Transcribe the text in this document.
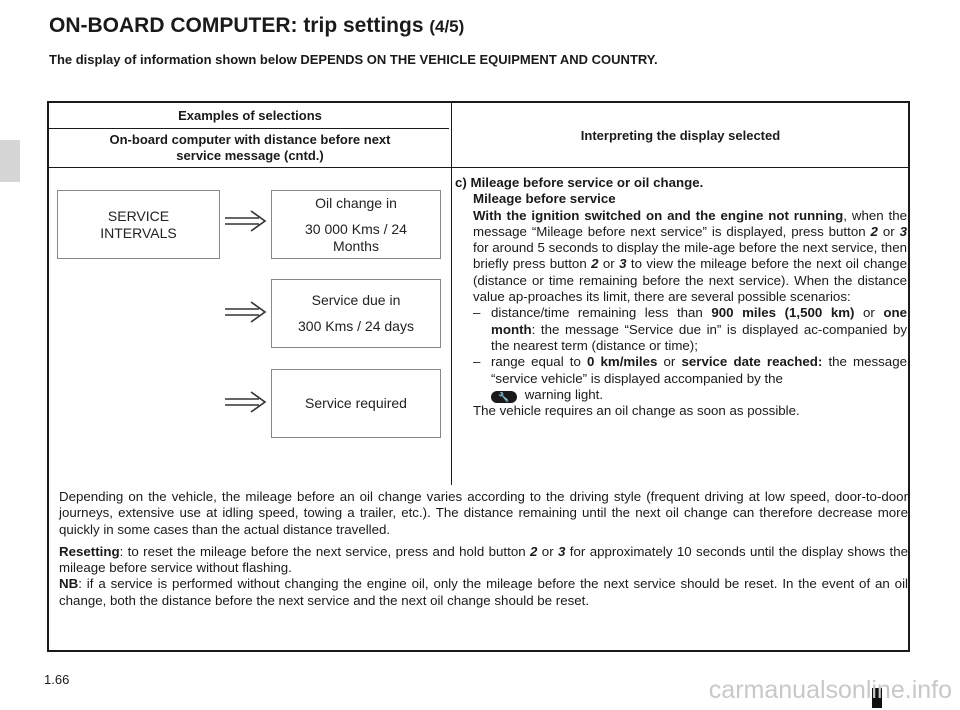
ON-BOARD COMPUTER: trip settings (4/5)
The display of information shown below DEPENDS ON THE VEHICLE EQUIPMENT AND COUNTRY.
Examples of selections
On-board computer with distance before next service message (cntd.)
Interpreting the display selected

SERVICE INTERVALS

Oil change in

30 000 Kms / 24 Months

Service due in

300 Kms / 24 days

Service required

c) Mileage before service or oil change.
Mileage before service
With the ignition switched on and the engine not running, when the message “Mileage before next service” is displayed, press button 2 or 3 for around 5 seconds to display the mile-age before the next service, then briefly press button 2 or 3 to view the mileage before the next oil change (distance or time remaining before the next service). When the distance value ap-proaches its limit, there are several possible scenarios:
– distance/time remaining less than 900 miles (1,500 km) or one month: the message “Service due in” is displayed ac-companied by the nearest term (distance or time);
– range equal to 0 km/miles or service date reached: the message “service vehicle” is displayed accompanied by the
🔧 warning light.
The vehicle requires an oil change as soon as possible.

Depending on the vehicle, the mileage before an oil change varies according to the driving style (frequent driving at low speed, door-to-door journeys, extensive use at idling speed, towing a trailer, etc.). The distance remaining until the next oil change can therefore decrease more quickly in some cases than the actual distance travelled.

Resetting: to reset the mileage before the next service, press and hold button 2 or 3 for approximately 10 seconds until the display shows the mileage before service without flashing.

NB: if a service is performed without changing the engine oil, only the mileage before the next service should be reset. In the event of an oil change, both the distance before the next service and the next oil change should be reset.

1.66	carmanualsonline.info
